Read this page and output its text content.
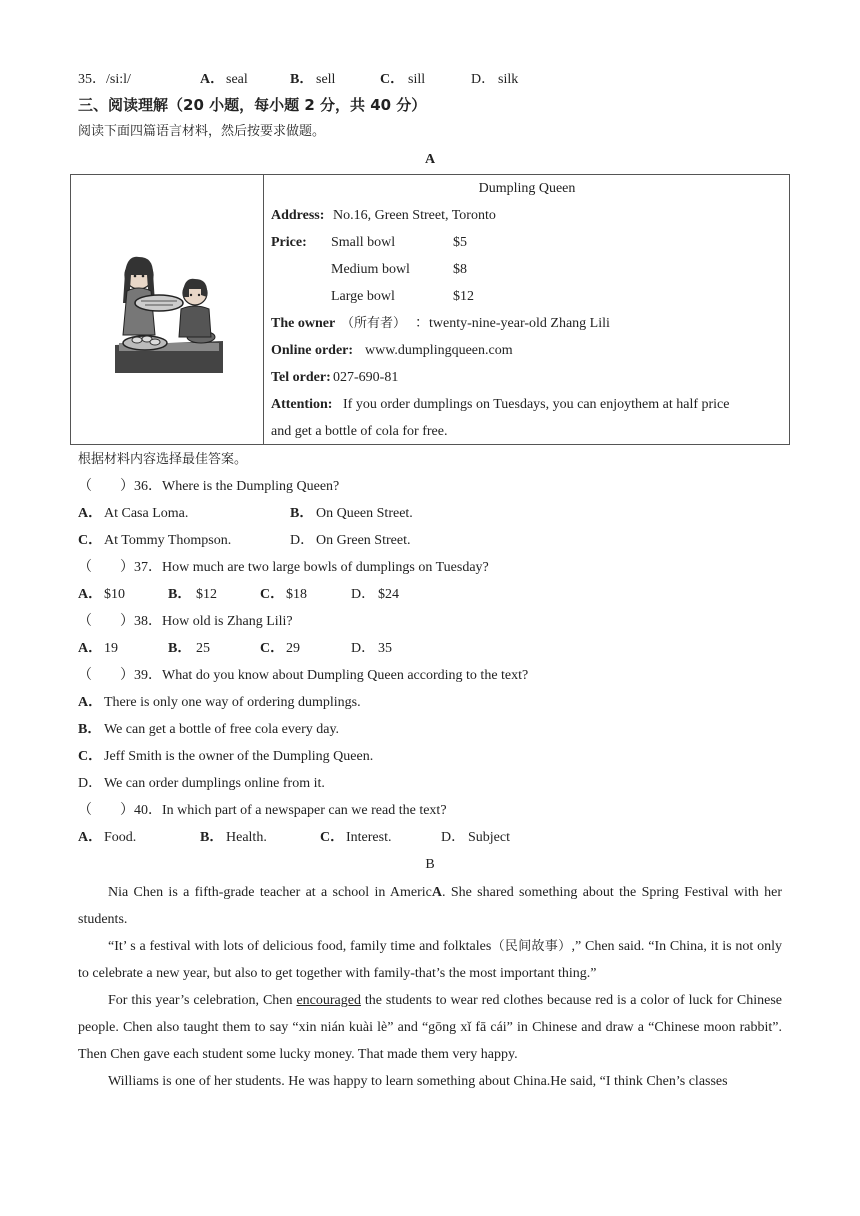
35．/si:l/	A． seal	B． sell	C． sill	D． silk
三、阅读理解（20 小题，每小题 2 分，共 40 分）
阅读下面四篇语言材料，然后按要求做题。
A
Dumpling Queen
Address: No.16, Green Street, Toronto
Price: Small bowl	$5
Medium bowl	$8
Large bowl	$12
The owner （所有者） ：twenty-nine-year-old Zhang Lili
Online order: www.dumplingqueen.com
Tel order: 027-690-81
Attention: If you order dumplings on Tuesdays, you can enjoythem at half price
and get a bottle of cola for free.
根据材料内容选择最佳答案。
（　　）36．Where is the Dumpling Queen?
A． At Casa Loma.	B． On Queen Street.
C． At Tommy Thompson.	D． On Green Street.
（　　）37．How much are two large bowls of dumplings on Tuesday?
A． $10	B． $12	C． $18	D． $24
（　　）38．How old is Zhang Lili?
A． 19	B． 25	C． 29	D． 35
（　　）39．What do you know about Dumpling Queen according to the text?
A． There is only one way of ordering dumplings.
B． We can get a bottle of free cola every day.
C． Jeff Smith is the owner of the Dumpling Queen.
D． We can order dumplings online from it.
（　　）40．In which part of a newspaper can we read the text?
A． Food.	B． Health.	C． Interest.	D． Subject
B

Nia Chen is a fifth-grade teacher at a school in AmericA. She shared something about the Spring Festival with her students.

“It’ s a festival with lots of delicious food, family time and folktales（民间故事）,” Chen said. “In China, it is not only to celebrate a new year, but also to get together with family-that’s the most important thing.”

For this year’s celebration, Chen encouraged the students to wear red clothes because red is a color of luck for Chinese people. Chen also taught them to say “xin nián kuài lè” and “gōng xǐ fā cái” in Chinese and draw a “Chinese moon rabbit”. Then Chen gave each student some lucky money. That made them very happy.

Williams is one of her students. He was happy to learn something about China.He said, “I think Chen’s classes
